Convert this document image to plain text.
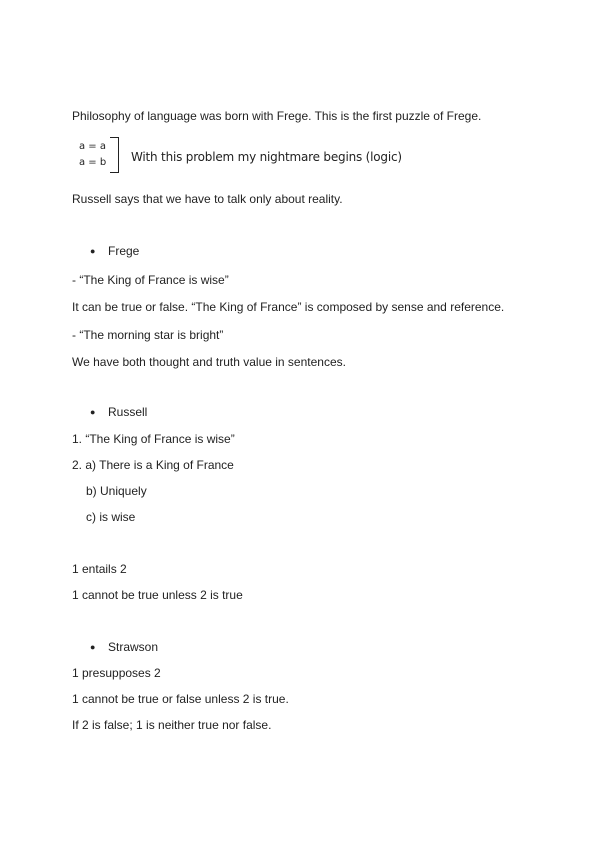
Philosophy of language was born with Frege. This is the first puzzle of Frege.
a = a
a = b With this problem my nightmare begins (logic)
Russell says that we have to talk only about reality.
● Frege
- “The King of France is wise”
It can be true or false. “The King of France” is composed by sense and reference.
- “The morning star is bright”
We have both thought and truth value in sentences.
● Russell
1. “The King of France is wise”
2. a) There is a King of France
b) Uniquely
c) is wise
1 entails 2
1 cannot be true unless 2 is true
● Strawson
1 presupposes 2
1 cannot be true or false unless 2 is true.
If 2 is false; 1 is neither true nor false.
